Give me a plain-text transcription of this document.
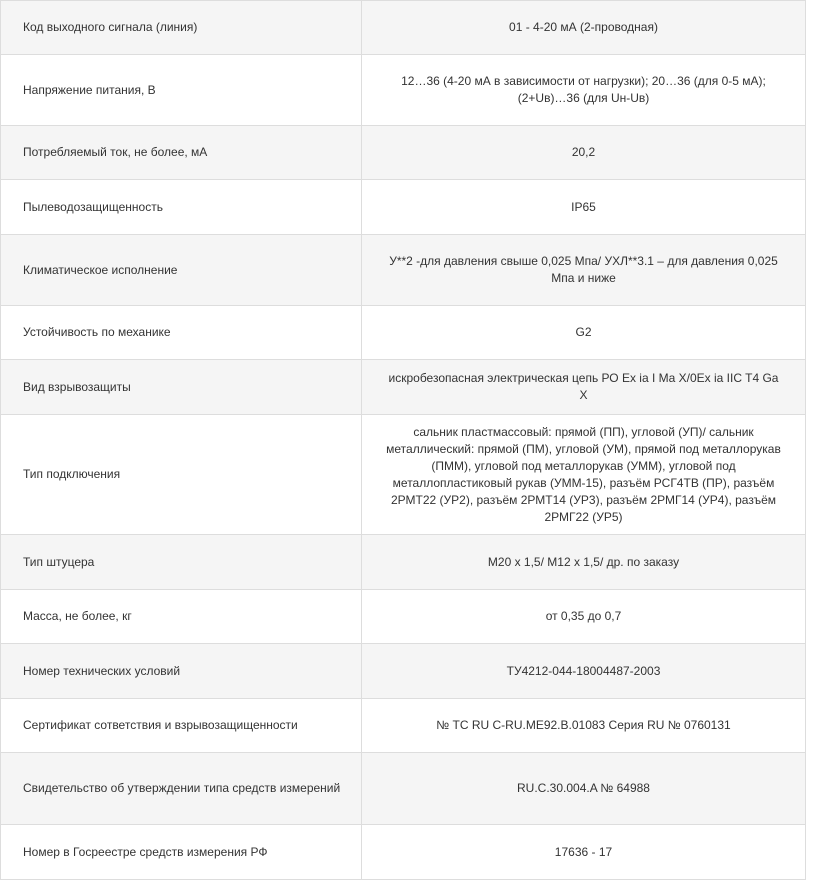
Код выходного сигнала (линия)	01 - 4-20 мА (2-проводная)
Напряжение питания, В	12…36 (4-20 мА в зависимости от нагрузки); 20…36 (для 0-5 мА); (2+Uв)…36 (для Uн-Uв)
Потребляемый ток, не более, мА	20,2
Пылеводозащищенность	IP65
Климатическое исполнение	У**2 -для давления свыше 0,025 Мпа/ УХЛ**3.1 – для давления 0,025 Мпа и ниже
Устойчивость по механике	G2
Вид взрывозащиты	искробезопасная электрическая цепь РО Ex ia I Ma X/0Ex ia IIC T4 Ga X
Тип подключения	сальник пластмассовый: прямой (ПП), угловой (УП)/ сальник металлический: прямой (ПМ), угловой (УМ), прямой под металлорукав (ПММ), угловой под металлорукав (УММ), угловой под металлопластиковый рукав (УММ-15), разъём РСГ4ТВ (ПР), разъём 2РМТ22 (УР2), разъём 2РМТ14 (УР3), разъём 2РМГ14 (УР4), разъём 2РМГ22 (УР5)
Тип штуцера	М20 х 1,5/ М12 х 1,5/ др. по заказу
Масса, не более, кг	от 0,35 до 0,7
Номер технических условий	ТУ4212-044-18004487-2003
Сертификат сответствия и взрывозащищенности	№ ТС RU C-RU.МЕ92.В.01083 Серия RU № 0760131
Свидетельство об утверждении типа средств измерений	RU.C.30.004.A № 64988
Номер в Госреестре средств измерения РФ	17636 - 17
